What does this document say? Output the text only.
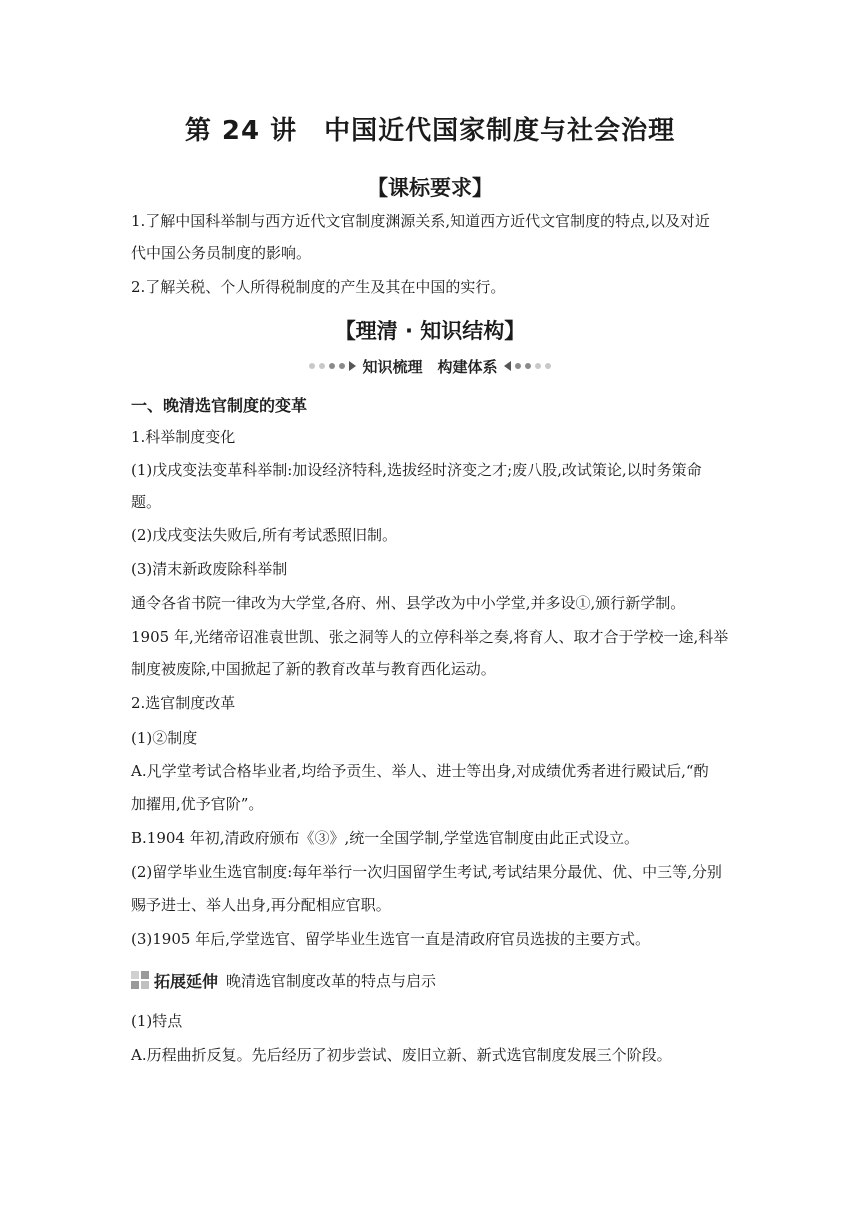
第 24 讲　中国近代国家制度与社会治理
【课标要求】
1.了解中国科举制与西方近代文官制度渊源关系,知道西方近代文官制度的特点,以及对近
代中国公务员制度的影响。
2.了解关税、个人所得税制度的产生及其在中国的实行。
【理清 · 知识结构】
知识梳理　构建体系
一、晚清选官制度的变革
1.科举制度变化
(1)戊戌变法变革科举制:加设经济特科,选拔经时济变之才;废八股,改试策论,以时务策命
题。
(2)戊戌变法失败后,所有考试悉照旧制。
(3)清末新政废除科举制
通令各省书院一律改为大学堂,各府、州、县学改为中小学堂,并多设①,颁行新学制。
1905 年,光绪帝诏准袁世凯、张之洞等人的立停科举之奏,将育人、取才合于学校一途,科举
制度被废除,中国掀起了新的教育改革与教育西化运动。
2.选官制度改革
(1)②制度
A.凡学堂考试合格毕业者,均给予贡生、举人、进士等出身,对成绩优秀者进行殿试后,“酌
加擢用,优予官阶”。
B.1904 年初,清政府颁布《③》,统一全国学制,学堂选官制度由此正式设立。
(2)留学毕业生选官制度:每年举行一次归国留学生考试,考试结果分最优、优、中三等,分别
赐予进士、举人出身,再分配相应官职。
(3)1905 年后,学堂选官、留学毕业生选官一直是清政府官员选拔的主要方式。
拓展延伸 晚清选官制度改革的特点与启示
(1)特点
A.历程曲折反复。先后经历了初步尝试、废旧立新、新式选官制度发展三个阶段。
